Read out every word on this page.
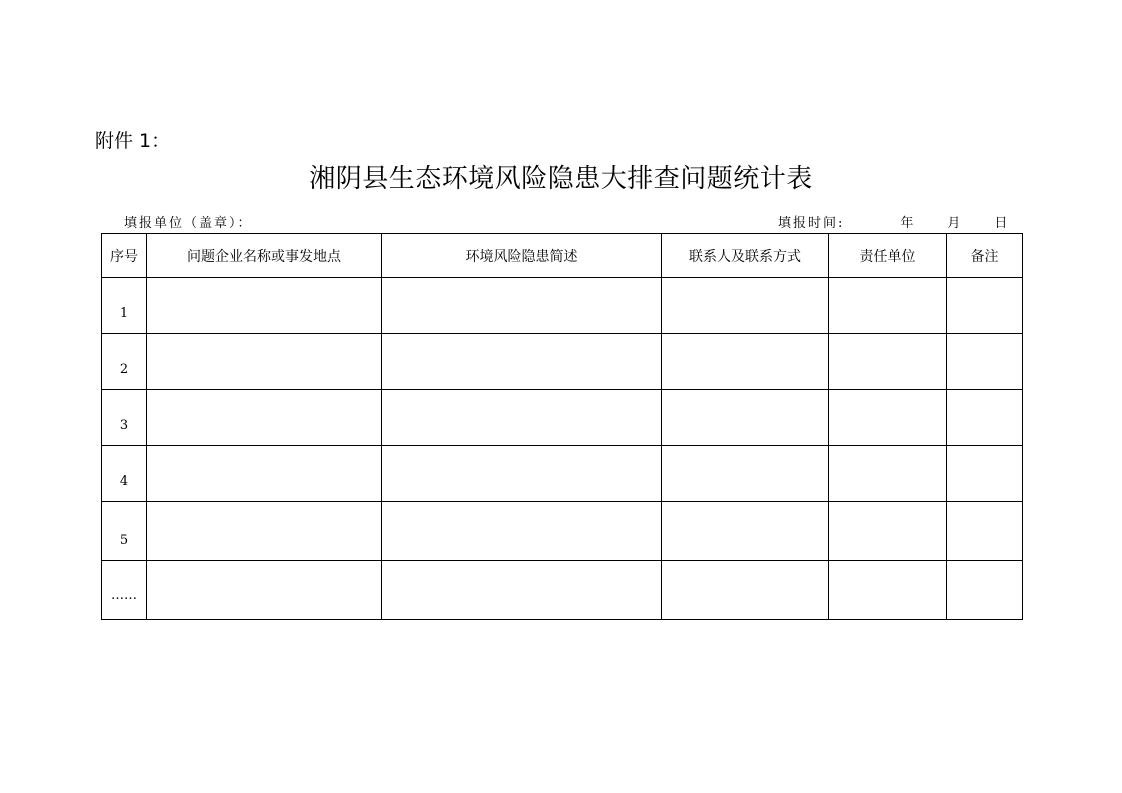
附件 1：
湘阴县生态环境风险隐患大排查问题统计表
填报单位（盖章）：	填报时间:	年 月 日
序号	问题企业名称或事发地点	环境风险隐患简述	联系人及联系方式	责任单位	备注
1					
2					
3					
4					
5					
……					
